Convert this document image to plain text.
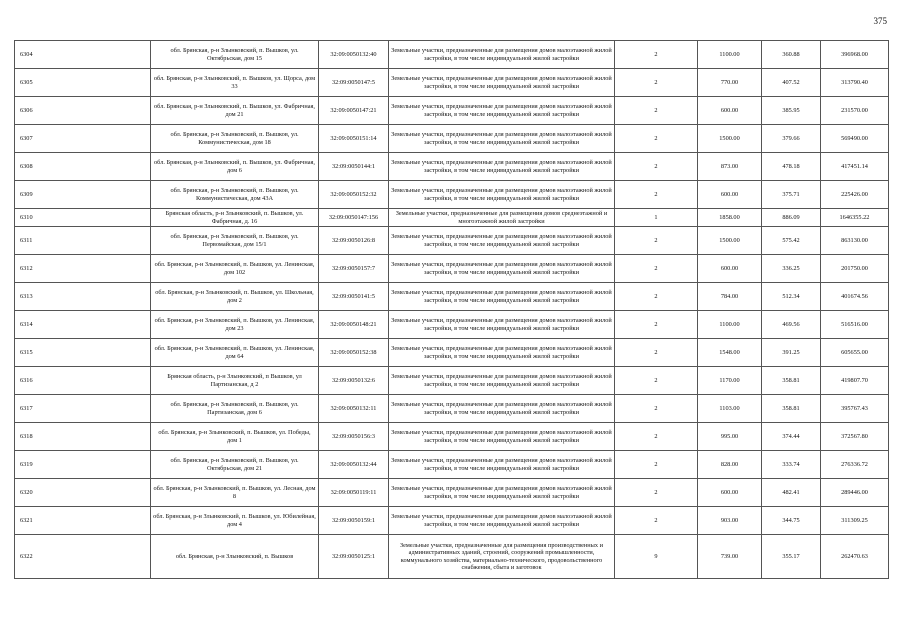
375
6304	обл. Брянская, р-н Злынковский, п. Вышков, ул. Октябрьская, дом 15	32:09:0050132:40	Земельные участки, предназначенные для размещения домов малоэтажной жилой застройки, в том числе индивидуальной жилой застройки	2	1100.00	360.88	396968.00
6305	обл. Брянская, р-н Злынковский, п. Вышков, ул. Щорса, дом 33	32:09:0050147:5	Земельные участки, предназначенные для размещения домов малоэтажной жилой застройки, в том числе индивидуальной жилой застройки	2	770.00	407.52	313790.40
6306	обл. Брянская, р-н Злынковский, п. Вышков, ул. Фабричная, дом 21	32:09:0050147:21	Земельные участки, предназначенные для размещения домов малоэтажной жилой застройки, в том числе индивидуальной жилой застройки	2	600.00	385.95	231570.00
6307	обл. Брянская, р-н Злынковский, п. Вышков, ул. Коммунистическая, дом 18	32:09:0050151:14	Земельные участки, предназначенные для размещения домов малоэтажной жилой застройки, в том числе индивидуальной жилой застройки	2	1500.00	379.66	569490.00
6308	обл. Брянская, р-н Злынковский, п. Вышков, ул. Фабричная, дом 6	32:09:0050144:1	Земельные участки, предназначенные для размещения домов малоэтажной жилой застройки, в том числе индивидуальной жилой застройки	2	873.00	478.18	417451.14
6309	обл. Брянская, р-н Злынковский, п. Вышков, ул. Коммунистическая, дом 43А	32:09:0050152:32	Земельные участки, предназначенные для размещения домов малоэтажной жилой застройки, в том числе индивидуальной жилой застройки	2	600.00	375.71	225426.00
6310	Брянская область, р-н Злынковский, п. Вышков, ул. Фабричная, д. 16	32:09:0050147:156	Земельные участки, предназначенные для размещения домов среднеэтажной и многоэтажной жилой застройки	1	1858.00	886.09	1646355.22
6311	обл. Брянская, р-н Злынковский, п. Вышков, ул. Первомайская, дом 15/1	32:09:0050126:8	Земельные участки, предназначенные для размещения домов малоэтажной жилой застройки, в том числе индивидуальной жилой застройки	2	1500.00	575.42	863130.00
6312	обл. Брянская, р-н Злынковский, п. Вышков, ул. Ленинская, дом 102	32:09:0050157:7	Земельные участки, предназначенные для размещения домов малоэтажной жилой застройки, в том числе индивидуальной жилой застройки	2	600.00	336.25	201750.00
6313	обл. Брянская, р-н Злынковский, п. Вышков, ул. Школьная, дом 2	32:09:0050141:5	Земельные участки, предназначенные для размещения домов малоэтажной жилой застройки, в том числе индивидуальной жилой застройки	2	784.00	512.34	401674.56
6314	обл. Брянская, р-н Злынковский, п. Вышков, ул. Ленинская, дом 23	32:09:0050148:21	Земельные участки, предназначенные для размещения домов малоэтажной жилой застройки, в том числе индивидуальной жилой застройки	2	1100.00	469.56	516516.00
6315	обл. Брянская, р-н Злынковский, п. Вышков, ул. Ленинская, дом 64	32:09:0050152:38	Земельные участки, предназначенные для размещения домов малоэтажной жилой застройки, в том числе индивидуальной жилой застройки	2	1548.00	391.25	605655.00
6316	Брянская область, р-н Злынковский, п Вышков, ул Партизанская, д 2	32:09:0050132:6	Земельные участки, предназначенные для размещения домов малоэтажной жилой застройки, в том числе индивидуальной жилой застройки	2	1170.00	358.81	419807.70
6317	обл. Брянская, р-н Злынковский, п. Вышков, ул. Партизанская, дом 6	32:09:0050132:11	Земельные участки, предназначенные для размещения домов малоэтажной жилой застройки, в том числе индивидуальной жилой застройки	2	1103.00	358.81	395767.43
6318	обл. Брянская, р-н Злынковский, п. Вышков, ул. Победы, дом 1	32:09:0050156:3	Земельные участки, предназначенные для размещения домов малоэтажной жилой застройки, в том числе индивидуальной жилой застройки	2	995.00	374.44	372567.80
6319	обл. Брянская, р-н Злынковский, п. Вышков, ул. Октябрьская, дом 21	32:09:0050132:44	Земельные участки, предназначенные для размещения домов малоэтажной жилой застройки, в том числе индивидуальной жилой застройки	2	828.00	333.74	276336.72
6320	обл. Брянская, р-н Злынковский, п. Вышков, ул. Лесная, дом 8	32:09:0050119:11	Земельные участки, предназначенные для размещения домов малоэтажной жилой застройки, в том числе индивидуальной жилой застройки	2	600.00	482.41	289446.00
6321	обл. Брянская, р-н Злынковский, п. Вышков, ул. Юбилейная, дом 4	32:09:0050159:1	Земельные участки, предназначенные для размещения домов малоэтажной жилой застройки, в том числе индивидуальной жилой застройки	2	903.00	344.75	311309.25
6322	обл. Брянская, р-н Злынковский, п. Вышков	32:09:0050125:1	Земельные участки, предназначенные для размещения производственных и административных зданий, строений, сооружений промышленности, коммунального хозяйства, материально-технического, продовольственного снабжения, сбыта и заготовок	9	739.00	355.17	262470.63
